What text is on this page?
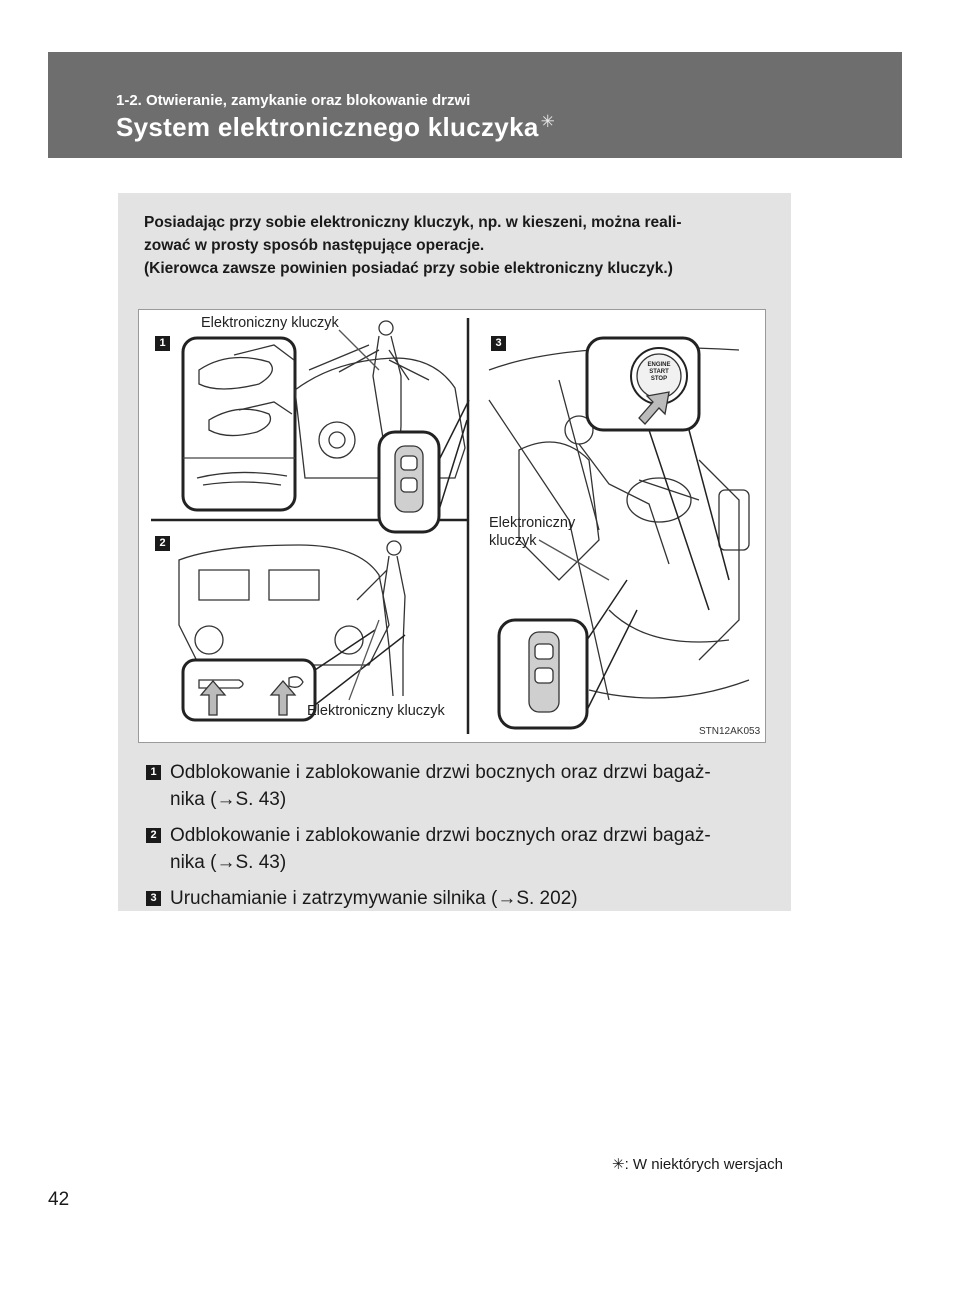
1-2. Otwieranie, zamykanie oraz blokowanie drzwi
System elektronicznego kluczyka ✳
Posiadając przy sobie elektroniczny kluczyk, np. w kieszeni, można reali-
zować w prosty sposób następujące operacje.
(Kierowca zawsze powinien posiadać przy sobie elektroniczny kluczyk.)
1
2
3
Elektroniczny kluczyk
Elektroniczny
kluczyk
Elektroniczny kluczyk
ENGINE
START
STOP
STN12AK053
1 Odblokowanie i zablokowanie drzwi bocznych oraz drzwi bagaż-
nika (→S. 43)
2 Odblokowanie i zablokowanie drzwi bocznych oraz drzwi bagaż-
nika (→S. 43)
3 Uruchamianie i zatrzymywanie silnika (→S. 202)
✳: W niektórych wersjach
42
